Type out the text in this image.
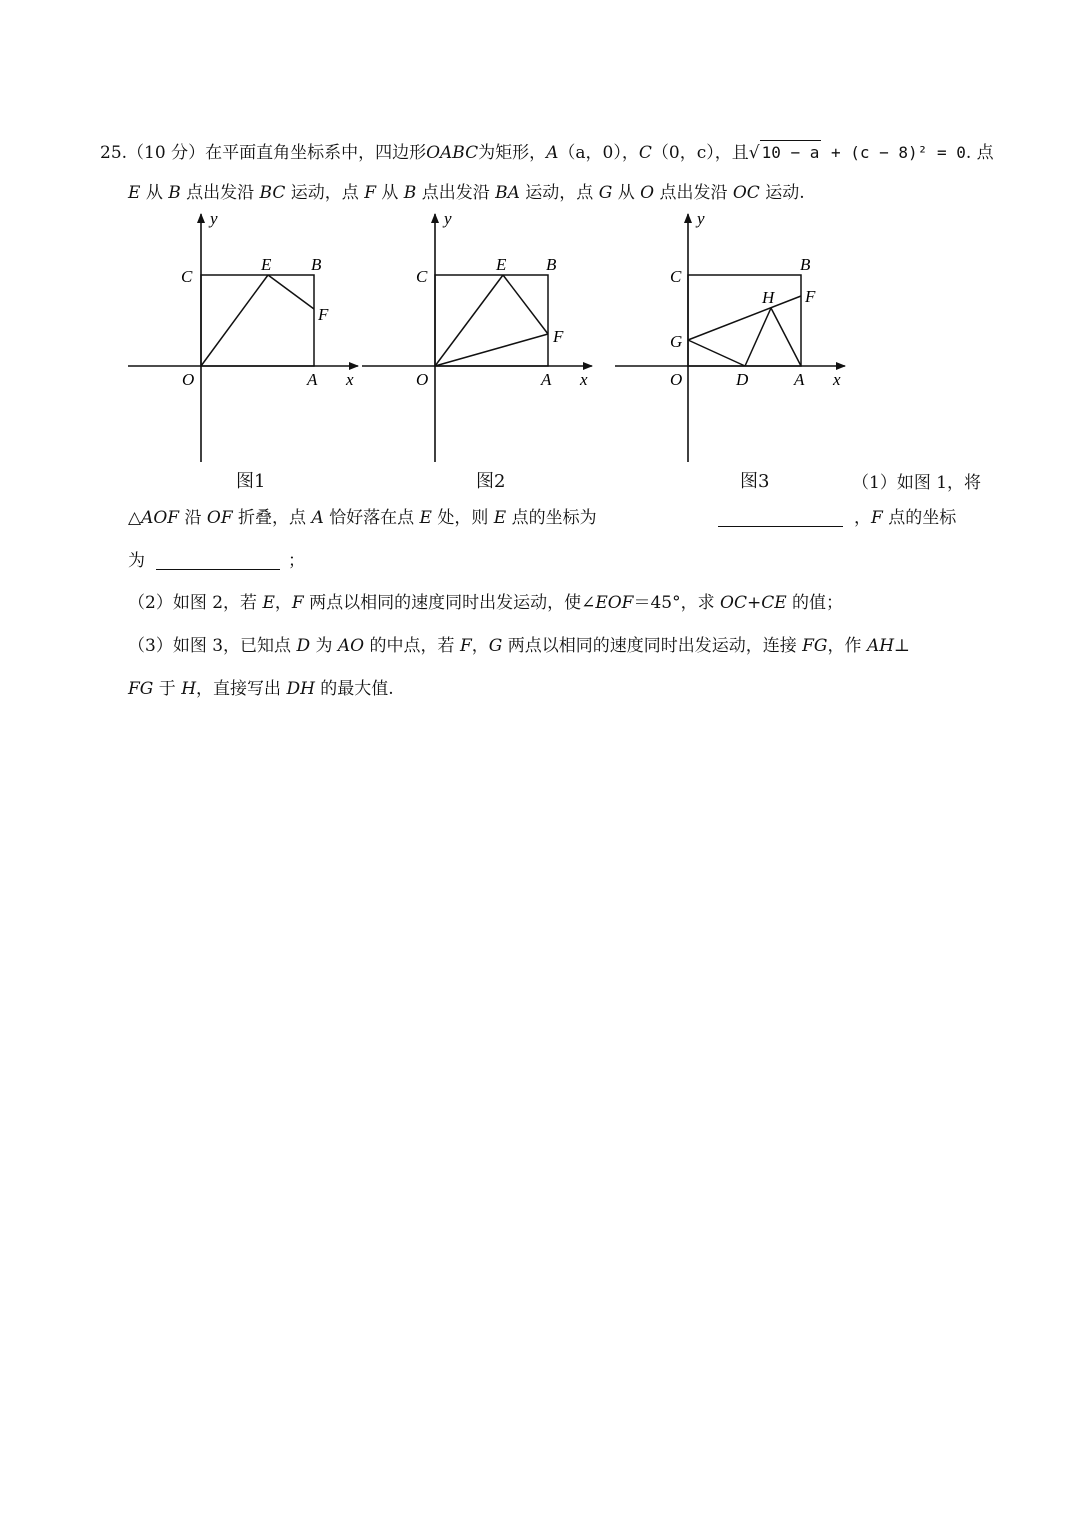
25.（10 分）在平面直角坐标系中，四边形OABC为矩形，A（a，0），C（0，c），且√ 10 − a + (c − 8)² = 0. 点
E 从 B 点出发沿 BC 运动，点 F 从 B 点出发沿 BA 运动，点 G 从 O 点出发沿 OC 运动.
y
x
O	A
C
E B
F
y
x
O	A
C
E B
F
y
x
O	D	A
C
G
B
H F
图1	图2	图3	（1）如图 1，将
△AOF 沿 OF 折叠，点 A 恰好落在点 E 处，则 E 点的坐标为	，F 点的坐标
为	；
（2）如图 2，若 E，F 两点以相同的速度同时出发运动，使∠EOF＝45°，求 OC+CE 的值；
（3）如图 3，已知点 D 为 AO 的中点，若 F，G 两点以相同的速度同时出发运动，连接 FG，作 AH⊥
FG 于 H，直接写出 DH 的最大值.
